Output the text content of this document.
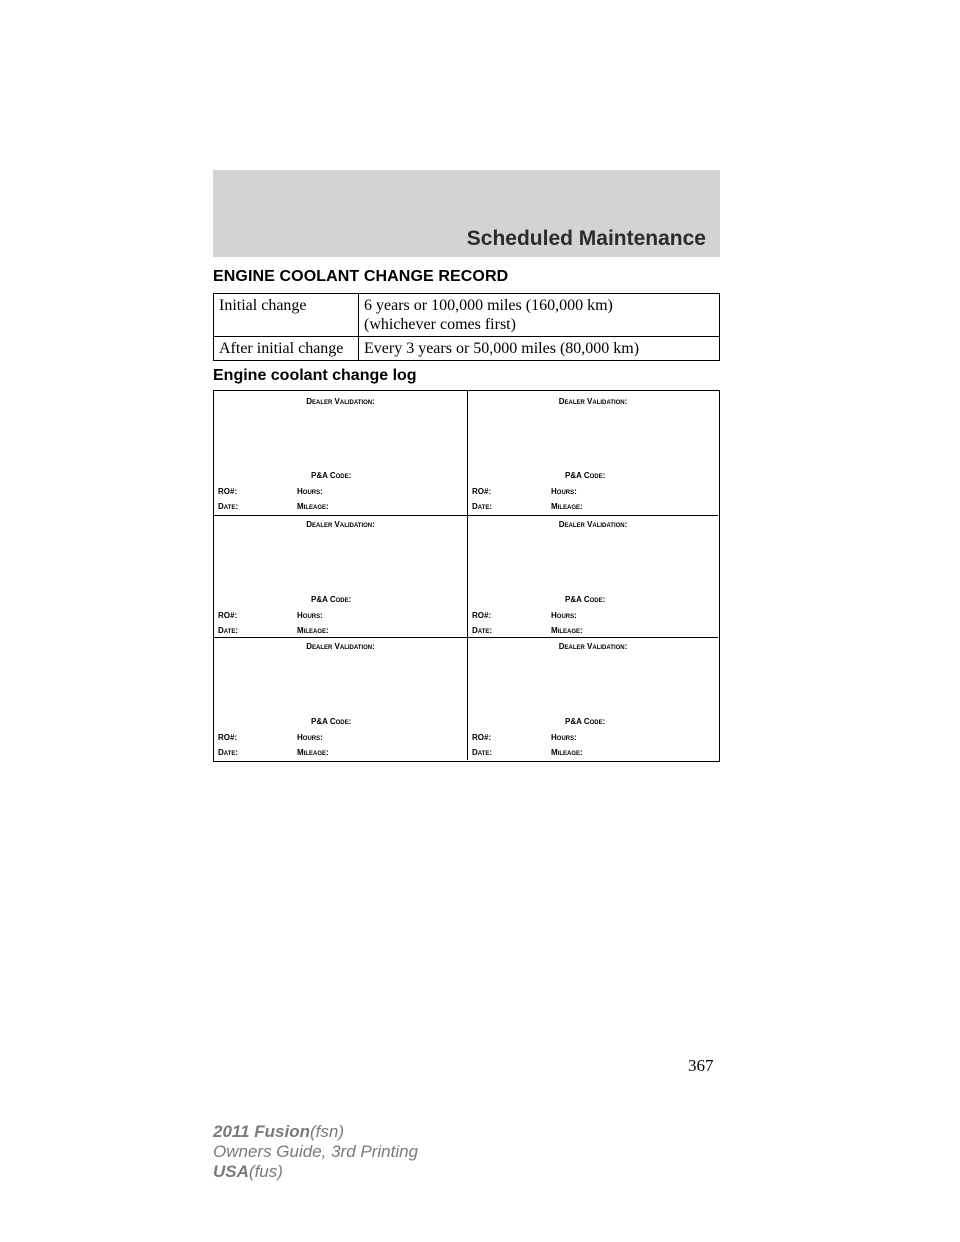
Scheduled Maintenance
ENGINE COOLANT CHANGE RECORD
Initial change	6 years or 100,000 miles (160,000 km)
(whichever comes first)

After initial change	Every 3 years or 50,000 miles (80,000 km)
Engine coolant change log
Dealer Validation:
P&A Code:
RO#:	Hours:
Date:	Mileage:
Dealer Validation:
P&A Code:
RO#:	Hours:
Date:	Mileage:
Dealer Validation:
P&A Code:
RO#:	Hours:
Date:	Mileage:
Dealer Validation:
P&A Code:
RO#:	Hours:
Date:	Mileage:
Dealer Validation:
P&A Code:
RO#:	Hours:
Date:	Mileage:
Dealer Validation:
P&A Code:
RO#:	Hours:
Date:	Mileage:
367
2011 Fusion(fsn)
Owners Guide, 3rd Printing
USA(fus)
